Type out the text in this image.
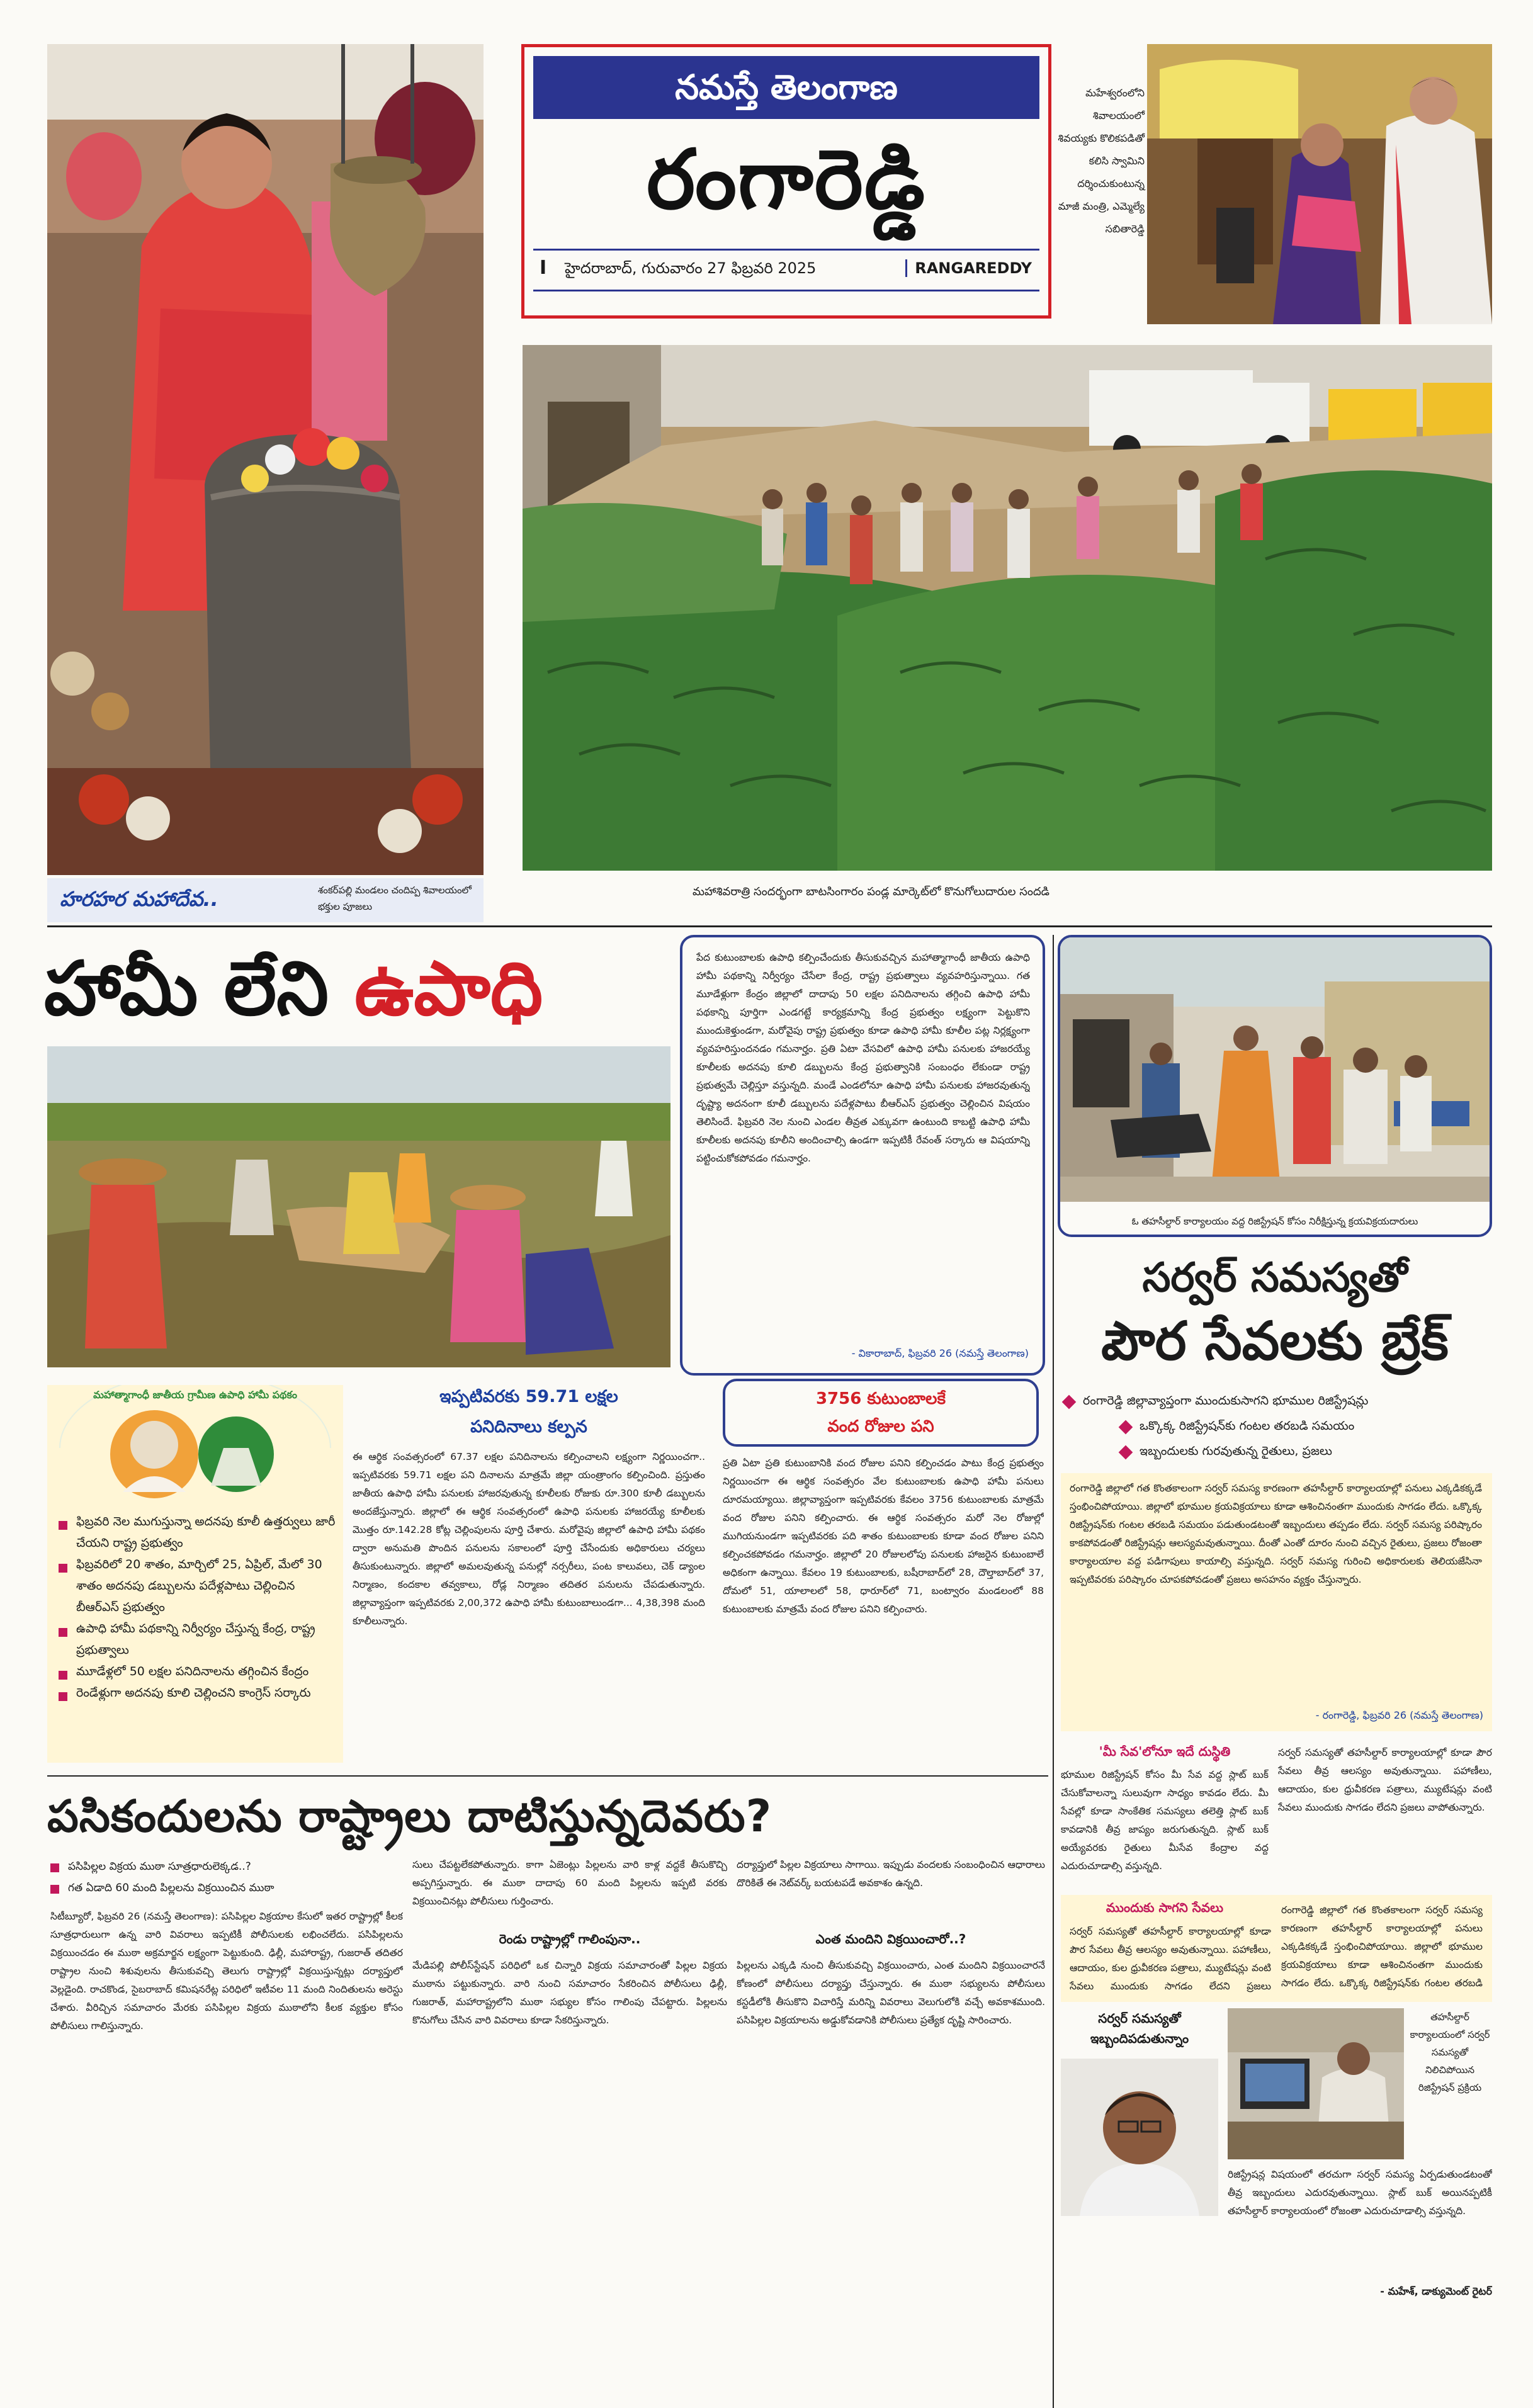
హరహర మహాదేవ..	శంకర్‌పల్లి మండలం చందిప్ప శివాలయంలో భక్తుల పూజలు
నమస్తే తెలంగాణ
రంగారెడ్డి
I హైదరాబాద్, గురువారం 27 ఫిబ్రవరి 2025	RANGAREDDY
మహేశ్వరంలోని శివాలయంలో శివయ్యకు కొలికపడితో కలిసి స్వామిని దర్శించుకుంటున్న మాజీ మంత్రి, ఎమ్మెల్యే సబితారెడ్డి
మహాశివరాత్రి సందర్భంగా బాటసింగారం పండ్ల మార్కెట్‌లో కొనుగోలుదారుల సందడి
హామీ లేని ఉపాధి	పేద కుటుంబాలకు ఉపాధి కల్పించేందుకు తీసుకువచ్చిన మహాత్మాగాంధీ జాతీయ ఉపాధి హామీ పథకాన్ని నిర్వీర్యం చేసేలా కేంద్ర, రాష్ట్ర ప్రభుత్వాలు వ్యవహరిస్తున్నాయి. గత మూడేళ్లుగా కేంద్రం జిల్లాలో దాదాపు 50 లక్షల పనిదినాలను తగ్గించి ఉపాధి హామీ పథకాన్ని పూర్తిగా ఎండగట్టే కార్యక్రమాన్ని కేంద్ర ప్రభుత్వం లక్ష్యంగా పెట్టుకొని ముందుకెళ్తుండగా, మరోవైపు రాష్ట్ర ప్రభుత్వం కూడా ఉపాధి హామీ కూలీల పట్ల నిర్లక్ష్యంగా వ్యవహరిస్తుందనడం గమనార్హం. ప్రతి ఏటా వేసవిలో ఉపాధి హామీ పనులకు హాజరయ్యే కూలీలకు అదనపు కూలి డబ్బులను కేంద్ర ప్రభుత్వానికి సంబంధం లేకుండా రాష్ట్ర ప్రభుత్వమే చెల్లిస్తూ వస్తున్నది. మండే ఎండలోనూ ఉపాధి హామీ పనులకు హాజరవుతున్న దృష్ట్యా అదనంగా కూలీ డబ్బులను పదేళ్లపాటు బీఆర్‌ఎస్ ప్రభుత్వం చెల్లించిన విషయం తెలిసిందే. ఫిబ్రవరి నెల నుంచి ఎండల తీవ్రత ఎక్కువగా ఉంటుంది కాబట్టి ఉపాధి హామీ కూలీలకు అదనపు కూలీని అందించాల్సి ఉండగా ఇప్పటికీ రేవంత్ సర్కారు ఆ విషయాన్ని పట్టించుకోకపోవడం గమనార్హం.
- వికారాబాద్, ఫిబ్రవరి 26 (నమస్తే తెలంగాణ)
మహాత్మాగాంధీ జాతీయ గ్రామీణ ఉపాధి హామీ పథకం
ఫిబ్రవరి నెల ముగుస్తున్నా అదనపు కూలీ ఉత్తర్వులు జారీ చేయని రాష్ట్ర ప్రభుత్వం
ఫిబ్రవరిలో 20 శాతం, మార్చిలో 25, ఏప్రిల్, మేలో 30 శాతం అదనపు డబ్బులను పదేళ్లపాటు చెల్లించిన బీఆర్‌ఎస్ ప్రభుత్వం
ఉపాధి హామీ పథకాన్ని నిర్వీర్యం చేస్తున్న కేంద్ర, రాష్ట్ర ప్రభుత్వాలు
మూడేళ్లలో 50 లక్షల పనిదినాలను తగ్గించిన కేంద్రం
రెండేళ్లుగా అదనపు కూలి చెల్లించని కాంగ్రెస్ సర్కారు
ఇప్పటివరకు 59.71 లక్షల
పనిదినాలు కల్పన
ఈ ఆర్థిక సంవత్సరంలో 67.37 లక్షల పనిదినాలను కల్పించాలని లక్ష్యంగా నిర్ణయించగా.. ఇప్పటివరకు 59.71 లక్షల పని దినాలను మాత్రమే జిల్లా యంత్రాంగం కల్పించింది. ప్రస్తుతం జాతీయ ఉపాధి హామీ పనులకు హాజరవుతున్న కూలీలకు రోజుకు రూ.300 కూలీ డబ్బులను అందజేస్తున్నారు. జిల్లాలో ఈ ఆర్థిక సంవత్సరంలో ఉపాధి పనులకు హాజరయ్యే కూలీలకు మొత్తం రూ.142.28 కోట్ల చెల్లింపులను పూర్తి చేశారు. మరోవైపు జిల్లాలో ఉపాధి హామీ పథకం ద్వారా అనుమతి పొందిన పనులను సకాలంలో పూర్తి చేసేందుకు అధికారులు చర్యలు తీసుకుంటున్నారు. జిల్లాలో అమలవుతున్న పనుల్లో నర్సరీలు, పంట కాలువలు, చెక్ డ్యాంల నిర్మాణం, కందకాల తవ్వకాలు, రోడ్ల నిర్మాణం తదితర పనులను చేపడుతున్నారు. జిల్లావ్యాప్తంగా ఇప్పటివరకు 2,00,372 ఉపాధి హామీ కుటుంబాలుండగా... 4,38,398 మంది కూలీలున్నారు.
3756 కుటుంబాలకే
వంద రోజుల పని
ప్రతి ఏటా ప్రతి కుటుంబానికి వంద రోజుల పనిని కల్పించడం పాటు కేంద్ర ప్రభుత్వం నిర్ణయించగా ఈ ఆర్థిక సంవత్సరం వేల కుటుంబాలకు ఉపాధి హామీ పనులు దూరమయ్యాయి. జిల్లావ్యాప్తంగా ఇప్పటివరకు కేవలం 3756 కుటుంబాలకు మాత్రమే వంద రోజుల పనిని కల్పించారు. ఈ ఆర్థిక సంవత్సరం మరో నెల రోజుల్లో ముగియనుండగా ఇప్పటివరకు పది శాతం కుటుంబాలకు కూడా వంద రోజుల పనిని కల్పించకపోవడం గమనార్హం. జిల్లాలో 20 రోజులలోపు పనులకు హాజరైన కుటుంబాలే అధికంగా ఉన్నాయి. కేవలం 19 కుటుంబాలకు, బషీరాబాద్‌లో 28, దౌల్తాబాద్‌లో 37, దోమలో 51, యాలాలలో 58, ధారూర్‌లో 71, బంట్వారం మండలంలో 88 కుటుంబాలకు మాత్రమే వంద రోజుల పనిని కల్పించారు.
ఓ తహసీల్దార్ కార్యాలయం వద్ద రిజిస్ట్రేషన్ కోసం నిరీక్షిస్తున్న క్రయవిక్రయదారులు
సర్వర్ సమస్యతో
పౌర సేవలకు బ్రేక్
రంగారెడ్డి జిల్లావ్యాప్తంగా ముందుకుసాగని భూముల రిజిస్ట్రేషన్లు
ఒక్కొక్క రిజిస్ట్రేషన్‌కు గంటల తరబడి సమయం
ఇబ్బందులకు గురవుతున్న రైతులు, ప్రజలు
రంగారెడ్డి జిల్లాలో గత కొంతకాలంగా సర్వర్ సమస్య కారణంగా తహసీల్దార్ కార్యాలయాల్లో పనులు ఎక్కడికక్కడే స్తంభించిపోయాయి. జిల్లాలో భూముల క్రయవిక్రయాలు కూడా ఆశించినంతగా ముందుకు సాగడం లేదు. ఒక్కొక్క రిజిస్ట్రేషన్‌కు గంటల తరబడి సమయం పడుతుండటంతో ఇబ్బందులు తప్పడం లేదు. సర్వర్ సమస్య పరిష్కారం కాకపోవడంతో రిజిస్ట్రేషన్లు ఆలస్యమవుతున్నాయి. దీంతో ఎంతో దూరం నుంచి వచ్చిన రైతులు, ప్రజలు రోజంతా కార్యాలయాల వద్ద పడిగాపులు కాయాల్సి వస్తున్నది. సర్వర్ సమస్య గురించి అధికారులకు తెలియజేసినా ఇప్పటివరకు పరిష్కారం చూపకపోవడంతో ప్రజలు అసహనం వ్యక్తం చేస్తున్నారు.
- రంగారెడ్డి, ఫిబ్రవరి 26 (నమస్తే తెలంగాణ)
'మీ సేవ'లోనూ ఇదే దుస్థితి
భూముల రిజిస్ట్రేషన్ కోసం మీ సేవ వద్ద స్లాట్ బుక్ చేసుకోవాలన్నా సులువుగా సాధ్యం కావడం లేదు. మీ సేవల్లో కూడా సాంకేతిక సమస్యలు తలెత్తి స్లాట్ బుక్ కావడానికి తీవ్ర జాప్యం జరుగుతున్నది. స్లాట్ బుక్ అయ్యేవరకు రైతులు మీసేవ కేంద్రాల వద్ద ఎదురుచూడాల్సి వస్తున్నది.
సర్వర్ సమస్యతో తహసీల్దార్ కార్యాలయాల్లో కూడా పౌర సేవలు తీవ్ర ఆలస్యం అవుతున్నాయి. పహాణీలు, ఆదాయం, కుల ధ్రువీకరణ పత్రాలు, మ్యుటేషన్లు వంటి సేవలు ముందుకు సాగడం లేదని ప్రజలు వాపోతున్నారు.
ముందుకు సాగని సేవలు
సర్వర్ సమస్యతో తహసీల్దార్ కార్యాలయాల్లో కూడా పౌర సేవలు తీవ్ర ఆలస్యం అవుతున్నాయి. పహాణీలు, ఆదాయం, కుల ధ్రువీకరణ పత్రాలు, మ్యుటేషన్లు వంటి సేవలు ముందుకు సాగడం లేదని ప్రజలు
రంగారెడ్డి జిల్లాలో గత కొంతకాలంగా సర్వర్ సమస్య కారణంగా తహసీల్దార్ కార్యాలయాల్లో పనులు ఎక్కడికక్కడే స్తంభించిపోయాయి. జిల్లాలో భూముల క్రయవిక్రయాలు కూడా ఆశించినంతగా ముందుకు సాగడం లేదు. ఒక్కొక్క రిజిస్ట్రేషన్‌కు గంటల తరబడి
సర్వర్ సమస్యతో ఇబ్బందిపడుతున్నాం
తహసీల్దార్ కార్యాలయంలో సర్వర్ సమస్యతో నిలిచిపోయిన రిజిస్ట్రేషన్ ప్రక్రియ
రిజిస్ట్రేషన్ల విషయంలో తరచుగా సర్వర్ సమస్య ఏర్పడుతుండటంతో తీవ్ర ఇబ్బందులు ఎదురవుతున్నాయి. స్లాట్ బుక్ అయినప్పటికీ తహసీల్దార్ కార్యాలయంలో రోజంతా ఎదురుచూడాల్సి వస్తున్నది.
- మహేశ్, డాక్యుమెంట్ రైటర్
పసికందులను రాష్ట్రాలు దాటిస్తున్నదెవరు?
పసిపిల్లల విక్రయ ముఠా సూత్రధారులెక్కడ..?
గత ఏడాది 60 మంది పిల్లలను విక్రయించిన ముఠా
సిటీబ్యూరో, ఫిబ్రవరి 26 (నమస్తే తెలంగాణ): పసిపిల్లల విక్రయాల కేసులో ఇతర రాష్ట్రాల్లో కీలక సూత్రధారులుగా ఉన్న వారి వివరాలు ఇప్పటికీ పోలీసులకు లభించలేదు. పసిపిల్లలను విక్రయించడం ఈ ముఠా అక్రమార్జన లక్ష్యంగా పెట్టుకుంది. ఢిల్లీ, మహారాష్ట్ర, గుజరాత్ తదితర రాష్ట్రాల నుంచి శిశువులను తీసుకువచ్చి తెలుగు రాష్ట్రాల్లో విక్రయిస్తున్నట్లు దర్యాప్తులో వెల్లడైంది. రాచకొండ, సైబరాబాద్ కమిషనరేట్ల పరిధిలో ఇటీవల 11 మంది నిందితులను అరెస్టు చేశారు. వీరిచ్చిన సమాచారం మేరకు పసిపిల్లల విక్రయ ముఠాలోని కీలక వ్యక్తుల కోసం పోలీసులు గాలిస్తున్నారు.
సులు చేపట్టలేకపోతున్నారు. కాగా ఏజెంట్లు పిల్లలను వారి కాళ్ల వద్దకే తీసుకొచ్చి అప్పగిస్తున్నారు. ఈ ముఠా దాదాపు 60 మంది పిల్లలను ఇప్పటి వరకు విక్రయించినట్లు పోలీసులు గుర్తించారు.
రెండు రాష్ట్రాల్లో గాలింపునా..
మేడిపల్లి పోలీస్‌స్టేషన్ పరిధిలో ఒక చిన్నారి విక్రయ సమాచారంతో పిల్లల విక్రయ ముఠాను పట్టుకున్నారు. వారి నుంచి సమాచారం సేకరించిన పోలీసులు ఢిల్లీ, గుజరాత్, మహారాష్ట్రలోని ముఠా సభ్యుల కోసం గాలింపు చేపట్టారు. పిల్లలను కొనుగోలు చేసిన వారి వివరాలు కూడా సేకరిస్తున్నారు.
దర్యాప్తులో పిల్లల విక్రయాలు సాగాయి. ఇప్పుడు వందలకు సంబంధించిన ఆధారాలు దొరికితే ఈ నెట్‌వర్క్ బయటపడే అవకాశం ఉన్నది.
ఎంత మందిని విక్రయించారో..?
పిల్లలను ఎక్కడి నుంచి తీసుకువచ్చి విక్రయించారు, ఎంత మందిని విక్రయించారనే కోణంలో పోలీసులు దర్యాప్తు చేస్తున్నారు. ఈ ముఠా సభ్యులను పోలీసులు కస్టడీలోకి తీసుకొని విచారిస్తే మరిన్ని వివరాలు వెలుగులోకి వచ్చే అవకాశముంది. పసిపిల్లల విక్రయాలను అడ్డుకోవడానికి పోలీసులు ప్రత్యేక దృష్టి సారించారు.
